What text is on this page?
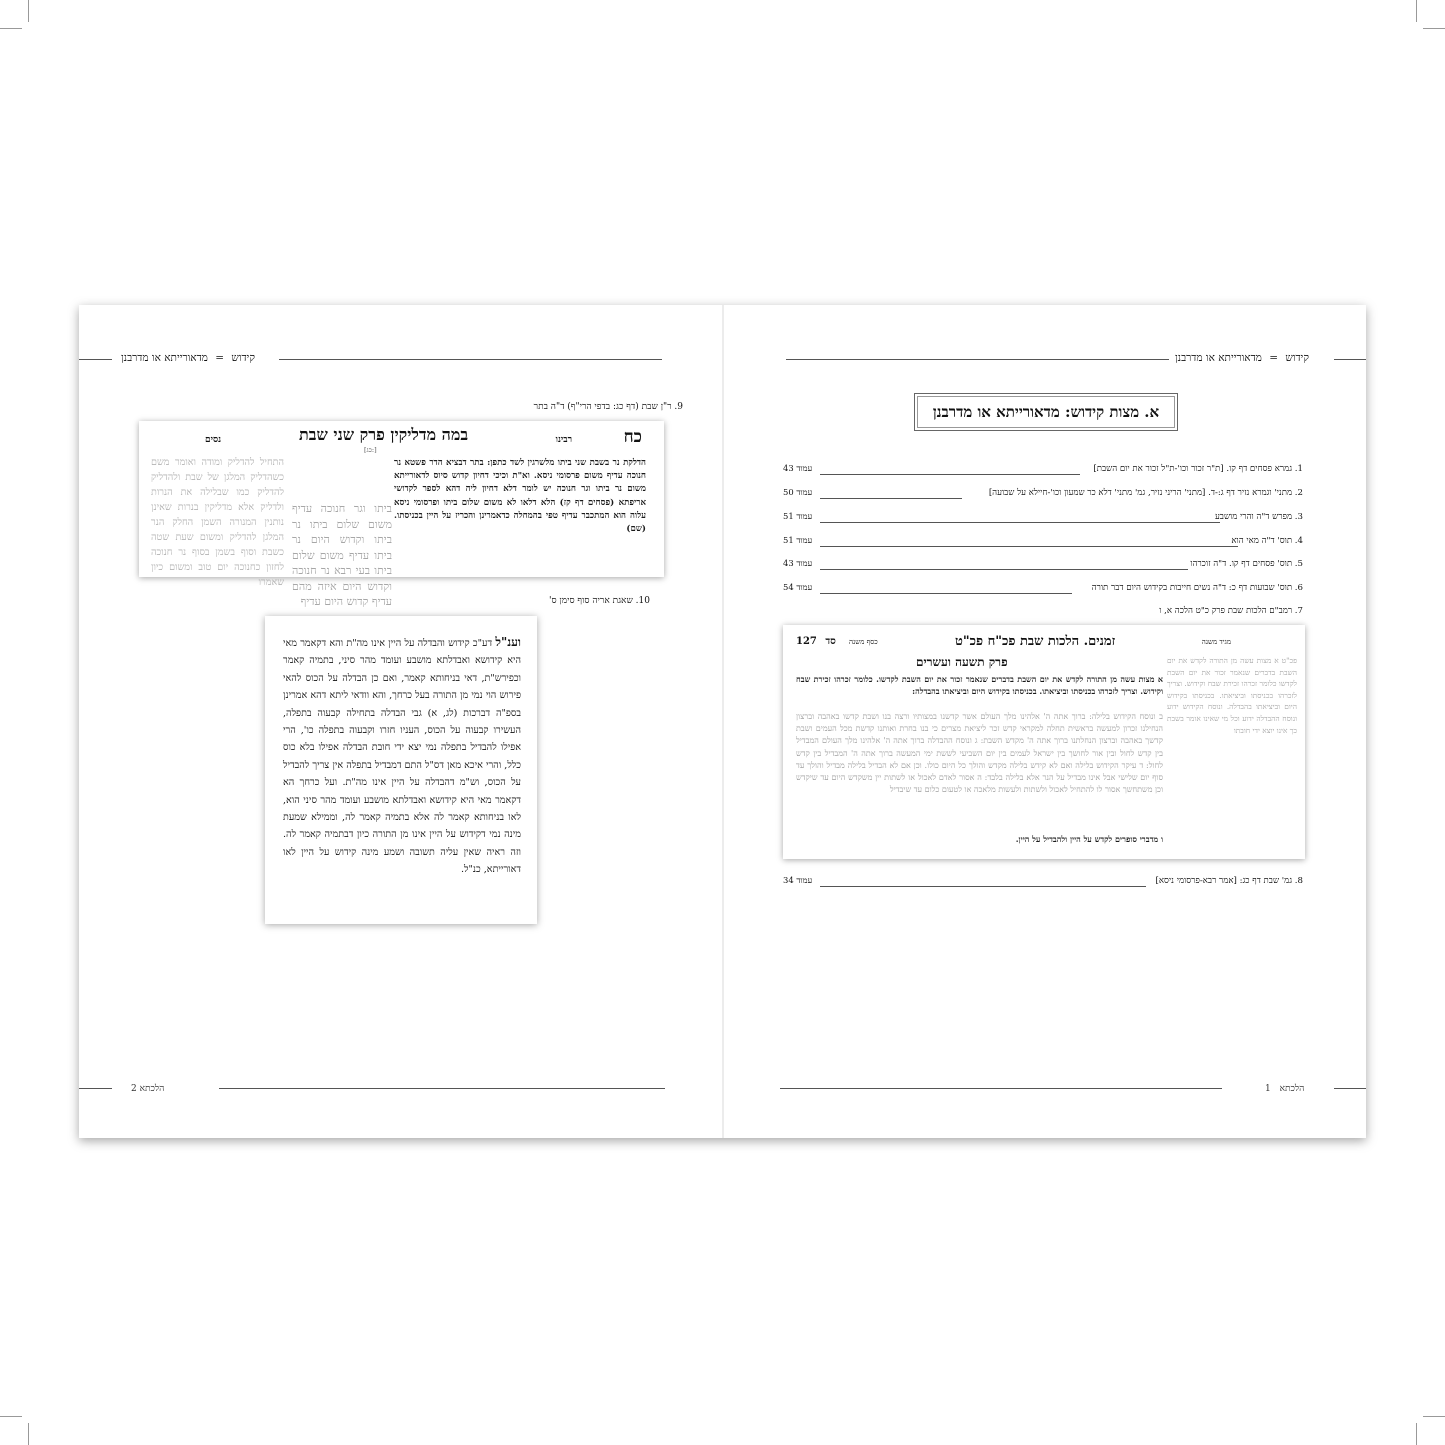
קידוש = מדאורייתא או מדרבנן
9. ר"ן שבת (דף כג: בדפי הרי"ף) ד"ה בתר
כח
רבינו
במה מדליקין פרק שני שבת
נסים
[כג:]
הדלקת נר בשבת שני ביתו מלשרגין לשד כתפן: בתר דבציא הדר פשטא נר חנוכה עדיף משום פרסומי ניסא. וא"ת וכיכי דחיון קדוש סיוס לדאורייתא משום נר ביתו וגר חנוכה יש לומר דלא דחיון ליה דהא לספר לקדושי אריפתא (פסחים דף קז) הלא דלאו לא משום שלום ביתו ופרסומי ניסא עלוה הוא המתכבר עדיף טפי בהמחלה כדאמרינן והכריז על היין בכניסתו. (שם)
ביתו וגר חנוכה עדיף משום שלום ביתו נר ביתו וקדוש היום נר ביתו עדיף משום שלום ביתו בעי רבא נר חנוכה וקדוש היום איזה מהם עדיף קדוש היום עדיף
התחיל להדליק ומודה ואומר משם כשהדליק המלגן של שבת ולהדליק להדליק כמו שבלילה את הנרות ולדליק אלא מדליקין בנרות שאינן נותנין המנורה השמן החלק הנר המלגן להדליק ומשום שעת שטה כשבת וסוף בשמן בסוף נר חנוכה לחזון כחנוכה יום טוב ומשום כיון שאמרו
10. שאגת אריה סוף סימן ס'
וענ"ל דע"כ קידוש והבדלה על היין אינו מה"ת והא דקאמר מאי היא קידושא ואבדלתא מושבע ועומד מהר סיני, בתמיה קאמר וכפירש"ת, דאי בניחותא קאמר, ואם כן הבדלה על הכוס להאי פירוש הוי נמי מן התורה בעל כרחך, והא וודאי ליתא דהא אמרינן בספ"ה דברכות (לג, א) גבי הבדלה בתחילה קבעוה בתפלה, העשירו קבעוה על הכוס, העניו חזרו וקבעוה בתפלה כו', הרי אפילו להבדיל בתפלה נמי יצא ידי חובת הבדלה אפילו בלא כוס כלל, והרי איכא מאן דס"ל התם דמבדיל בתפלה אין צריך להבדיל על הכוס, וש"מ דהבדלה על היין אינו מה"ת. ועל כרחך הא דקאמר מאי היא קידושא ואבדלתא מושבע ועומד מהר סיני הוא, לאו בניחותא קאמר לה אלא בתמיה קאמר לה, וממילא שמעת מינה נמי דקידוש על היין אינו מן התורה כיון דבתמיה קאמר לה. וזה ראיה שאין עליה תשובה ושמע מינה קידוש על היין לאו דאורייתא, כנ"ל.
הלכתא 2
קידוש = מדאורייתא או מדרבנן
א. מצות קידוש: מדאורייתא או מדרבנן
1. גמרא פסחים דף קו. [ת"ר זכור וכו'-ת"ל זכור את יום השבת]
עמוד 43
2. מתני' וגמרא נזיר דף ג:-ד. [מתני' הריני נזיר, גמ' מתני' דלא כר שמעון וכו'-חיילא על שבועה]
עמוד 50
3. מפרש ד"ה והרי מושבע
עמוד 51
4. תוס' ד"ה מאי הוא
עמוד 51
5. תוס' פסחים דף קו. ד"ה זוכרהו
עמוד 43
6. תוס' שבועות דף כ: ד"ה נשים חייבות בקידוש היום דבר תורה
עמוד 54
7. רמב"ם הלכות שבת פרק כ"ט הלכה א, ו
סד 127	כסף משנה	זמנים. הלכות שבת פכ"ח פכ"ט	מגיד משנה
פרק תשעה ועשרים	פכ"ט א מצות עשה מן התורה לקדש את יום השבת בדברים שנאמר זכור את יום השבת לקדשו כלומר זכרהו זכירת שבח וקידוש. וצריך לזכרהו בכניסתו וביציאתו. בכניסתו בקידוש היום וביציאתו בהבדלה. ונוסח הקידוש ידוע ונוסח ההבדלה ידוע וכל מי שאינו אומר בשבת כך אינו יוצא ידי חובתו
א מצות עשה מן התורה לקדש את יום השבת בדברים שנאמר זכור את יום השבת לקדשו. כלומר זכרהו זכירת שבח וקידוש. וצריך לזכרהו בכניסתו וביציאתו. בכניסתו בקידוש היום וביציאתו בהבדלה:
ב ונוסח הקידוש בלילה: ברוך אתה ה' אלהינו מלך העולם אשר קדשנו במצותיו ורצה בנו ושבת קדשו באהבה וברצון הנחילנו זכרון למעשה בראשית תחלה למקראי קדש זכר ליציאת מצרים כי בנו בחרת ואותנו קדשת מכל העמים ושבת קדשך באהבה וברצון הנחלתנו ברוך אתה ה' מקדש השבת: ג ונוסח ההבדלה ברוך אתה ה' אלהינו מלך העולם המבדיל בין קדש לחול ובין אור לחושך בין ישראל לעמים בין יום השביעי לששת ימי המעשה ברוך אתה ה' המבדיל בין קדש לחול: ד עיקר הקידוש בלילה ואם לא קידש בלילה מקדש והולך כל היום כולו. וכן אם לא הבדיל בלילה מבדיל והולך עד סוף יום שלישי אבל אינו מבדיל על הנר אלא בלילה בלבד: ה אסור לאדם לאכול או לשתות יין משקדש היום עד שיקדש וכן משתחשך אסור לו להתחיל לאכול ולשתות ולעשות מלאכה או לטעום כלום עד שיבדיל
ו מדברי סופרים לקדש על היין ולהבדיל על היין.
8. גמ' שבת דף כג: [אמר רבא-פרסומי ניסא]
עמוד 34
1 הלכתא
